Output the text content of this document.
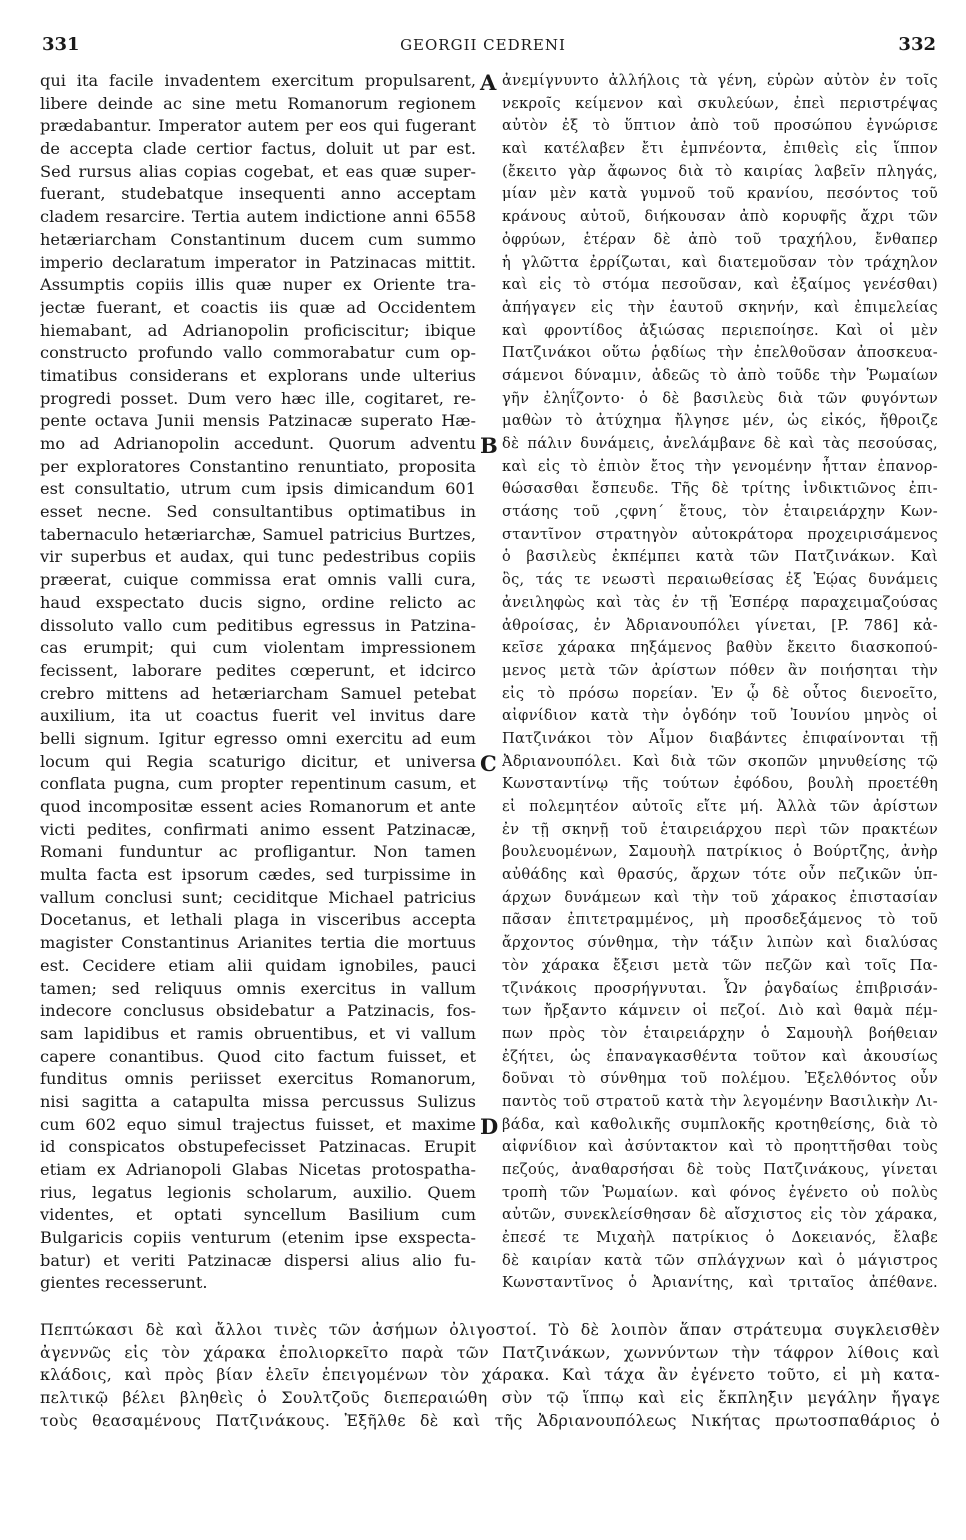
331	GEORGII CEDRENI	332
qui ita facile invadentem exercitum propulsarent,
libere deinde ac sine metu Romanorum regionem
prædabantur. Imperator autem per eos qui fugerant
de accepta clade certior factus, doluit ut par est.
Sed rursus alias copias cogebat, et eas quæ super-
fuerant, studebatque insequenti anno acceptam
cladem resarcire. Tertia autem indictione anni 6558
hetæriarcham Constantinum ducem cum summo
imperio declaratum imperator in Patzinacas mittit.
Assumptis copiis illis quæ nuper ex Oriente tra-
jectæ fuerant, et coactis iis quæ ad Occidentem
hiemabant, ad Adrianopolin proficiscitur; ibique
constructo profundo vallo commorabatur cum op-
timatibus considerans et explorans unde ulterius
progredi posset. Dum vero hæc ille, cogitaret, re-
pente octava Junii mensis Patzinacæ superato Hæ-
mo ad Adrianopolin accedunt. Quorum adventu
per exploratores Constantino renuntiato, proposita
est consultatio, utrum cum ipsis dimicandum 601
esset necne. Sed consultantibus optimatibus in
tabernaculo hetæriarchæ, Samuel patricius Burtzes,
vir superbus et audax, qui tunc pedestribus copiis
præerat, cuique commissa erat omnis valli cura,
haud exspectato ducis signo, ordine relicto ac
dissoluto vallo cum peditibus egressus in Patzina-
cas erumpit; qui cum violentam impressionem
fecissent, laborare pedites cœperunt, et idcirco
crebro mittens ad hetæriarcham Samuel petebat
auxilium, ita ut coactus fuerit vel invitus dare
belli signum. Igitur egresso omni exercitu ad eum
locum qui Regia scaturigo dicitur, et universa
conflata pugna, cum propter repentinum casum, et
quod incompositæ essent acies Romanorum et ante
victi pedites, confirmati animo essent Patzinacæ,
Romani funduntur ac profligantur. Non tamen
multa facta est ipsorum cædes, sed turpissime in
vallum conclusi sunt; ceciditque Michael patricius
Docetanus, et lethali plaga in visceribus accepta
magister Constantinus Arianites tertia die mortuus
est. Cecidere etiam alii quidam ignobiles, pauci
tamen; sed reliquus omnis exercitus in vallum
indecore conclusus obsidebatur a Patzinacis, fos-
sam lapidibus et ramis obruentibus, et vi vallum
capere conantibus. Quod cito factum fuisset, et
funditus omnis periisset exercitus Romanorum,
nisi sagitta a catapulta missa percussus Sulizus
cum 602 equo simul trajectus fuisset, et maxime
id conspicatos obstupefecisset Patzinacas. Erupit
etiam ex Adrianopoli Glabas Nicetas protospatha-
rius, legatus legionis scholarum, auxilio. Quem
videntes, et optati syncellum Basilium cum
Bulgaricis copiis venturum (etenim ipse exspecta-
batur) et veriti Patzinacæ dispersi alius alio fu-
gientes recesserunt.
A
B
C
D
ἀνεμίγνυντο ἀλλήλοις τὰ γένη, εὑρὼν αὐτὸν ἐν τοῖς
νεκροῖς κείμενον καὶ σκυλεύων, ἐπεὶ περιστρέψας
αὐτὸν ἐξ τὸ ὕπτιον ἀπὸ τοῦ προσώπου ἐγνώρισε
καὶ κατέλαβεν ἔτι ἐμπνέοντα, ἐπιθεὶς εἰς ἵππον
(ἔκειτο γὰρ ἄφωνος διὰ τὸ καιρίας λαβεῖν πληγάς,
μίαν μὲν κατὰ γυμνοῦ τοῦ κρανίου, πεσόντος τοῦ
κράνους αὐτοῦ, διήκουσαν ἀπὸ κορυφῆς ἄχρι τῶν
ὀφρύων, ἑτέραν δὲ ἀπὸ τοῦ τραχήλου, ἔνθαπερ
ἡ γλῶττα ἐρρίζωται, καὶ διατεμοῦσαν τὸν τράχηλον
καὶ εἰς τὸ στόμα πεσοῦσαν, καὶ ἐξαίμος γενέσθαι)
ἀπήγαγεν εἰς τὴν ἑαυτοῦ σκηνήν, καὶ ἐπιμελείας
καὶ φροντίδος ἀξιώσας περιεποίησε. Καὶ οἱ μὲν
Πατζινάκοι οὕτω ῥᾳδίως τὴν ἐπελθοῦσαν ἀποσκευα-
σάμενοι δύναμιν, ἀδεῶς τὸ ἀπὸ τοῦδε τὴν Ῥωμαίων
γῆν ἐληΐζοντο· ὁ δὲ βασιλεὺς διὰ τῶν φυγόντων
μαθὼν τὸ ἀτύχημα ἤλγησε μέν, ὡς εἰκός, ἤθροιζε
δὲ πάλιν δυνάμεις, ἀνελάμβανε δὲ καὶ τὰς πεσούσας,
καὶ εἰς τὸ ἐπιὸν ἔτος τὴν γενομένην ἧτταν ἐπανορ-
θώσασθαι ἔσπευδε. Τῆς δὲ τρίτης ἰνδικτιῶνος ἐπι-
στάσης τοῦ ,ςφνη΄ ἔτους, τὸν ἑταιρειάρχην Κων-
σταντῖνον στρατηγὸν αὐτοκράτορα προχειρισάμενος
ὁ βασιλεὺς ἐκπέμπει κατὰ τῶν Πατζινάκων. Καὶ
ὃς, τάς τε νεωστὶ περαιωθείσας ἐξ Ἑῴας δυνάμεις
ἀνειληφὼς καὶ τὰς ἐν τῇ Ἑσπέρᾳ παραχειμαζούσας
ἀθροίσας, ἐν Ἀδριανουπόλει γίνεται, [P. 786] κἀ-
κεῖσε χάρακα πηξάμενος βαθὺν ἔκειτο διασκοπού-
μενος μετὰ τῶν ἀρίστων πόθεν ἂν ποιήσηται τὴν
εἰς τὸ πρόσω πορείαν. Ἐν ᾧ δὲ οὗτος διενοεῖτο,
αἰφνίδιον κατὰ τὴν ὀγδόην τοῦ Ἰουνίου μηνὸς οἱ
Πατζινάκοι τὸν Αἶμον διαβάντες ἐπιφαίνονται τῇ
Ἀδριανουπόλει. Καὶ διὰ τῶν σκοπῶν μηνυθείσης τῷ
Κωνσταντίνῳ τῆς τούτων ἐφόδου, βουλὴ προετέθη
εἰ πολεμητέον αὐτοῖς εἴτε μή. Ἀλλὰ τῶν ἀρίστων
ἐν τῇ σκηνῇ τοῦ ἑταιρειάρχου περὶ τῶν πρακτέων
βουλευομένων, Σαμουὴλ πατρίκιος ὁ Βούρτζης, ἀνὴρ
αὐθάδης καὶ θρασύς, ἄρχων τότε οὖν πεζικῶν ὑπ-
άρχων δυνάμεων καὶ τὴν τοῦ χάρακος ἐπιστασίαν
πᾶσαν ἐπιτετραμμένος, μὴ προσδεξάμενος τὸ τοῦ
ἄρχοντος σύνθημα, τὴν τάξιν λιπὼν καὶ διαλύσας
τὸν χάρακα ἔξεισι μετὰ τῶν πεζῶν καὶ τοῖς Πα-
τζινάκοις προσρήγνυται. Ὧν ῥαγδαίως ἐπιβρισάν-
των ἤρξαντο κάμνειν οἱ πεζοί. Διὸ καὶ θαμὰ πέμ-
πων πρὸς τὸν ἑταιρειάρχην ὁ Σαμουὴλ βοήθειαν
ἐζήτει, ὡς ἐπαναγκασθέντα τοῦτον καὶ ἀκουσίως
δοῦναι τὸ σύνθημα τοῦ πολέμου. Ἐξελθόντος οὖν
παντὸς τοῦ στρατοῦ κατὰ τὴν λεγομένην Βασιλικὴν Λι-
βάδα, καὶ καθολικῆς συμπλοκῆς κροτηθείσης, διὰ τὸ
αἰφνίδιον καὶ ἀσύντακτον καὶ τὸ προηττῆσθαι τοὺς
πεζούς, ἀναθαρσήσαι δὲ τοὺς Πατζινάκους, γίνεται
τροπὴ τῶν Ῥωμαίων. καὶ φόνος ἐγένετο οὐ πολὺς
αὐτῶν, συνεκλείσθησαν δὲ αἴσχιστος εἰς τὸν χάρακα,
ἐπεσέ τε Μιχαὴλ πατρίκιος ὁ Δοκειανός, ἔλαβε
δὲ καιρίαν κατὰ τῶν σπλάγχνων καὶ ὁ μάγιστρος
Κωνσταντῖνος ὁ Ἀριανίτης, καὶ τριταῖος ἀπέθανε.
Πεπτώκασι δὲ καὶ ἄλλοι τινὲς τῶν ἀσήμων ὀλιγοστοί. Τὸ δὲ λοιπὸν ἅπαν στράτευμα συγκλεισθὲν
ἀγεννῶς εἰς τὸν χάρακα ἐπολιορκεῖτο παρὰ τῶν Πατζινάκων, χωννύντων τὴν τάφρον λίθοις καὶ
κλάδοις, καὶ πρὸς βίαν ἑλεῖν ἐπειγομένων τὸν χάρακα. Καὶ τάχα ἂν ἐγένετο τοῦτο, εἰ μὴ κατα-
πελτικῷ βέλει βληθεὶς ὁ Σουλτζοῦς διεπεραιώθη σὺν τῷ ἵππῳ καὶ εἰς ἔκπληξιν μεγάλην ἤγαγε
τοὺς θεασαμένους Πατζινάκους. Ἐξῆλθε δὲ καὶ τῆς Ἀδριανουπόλεως Νικήτας πρωτοσπαθάριος ὁ
